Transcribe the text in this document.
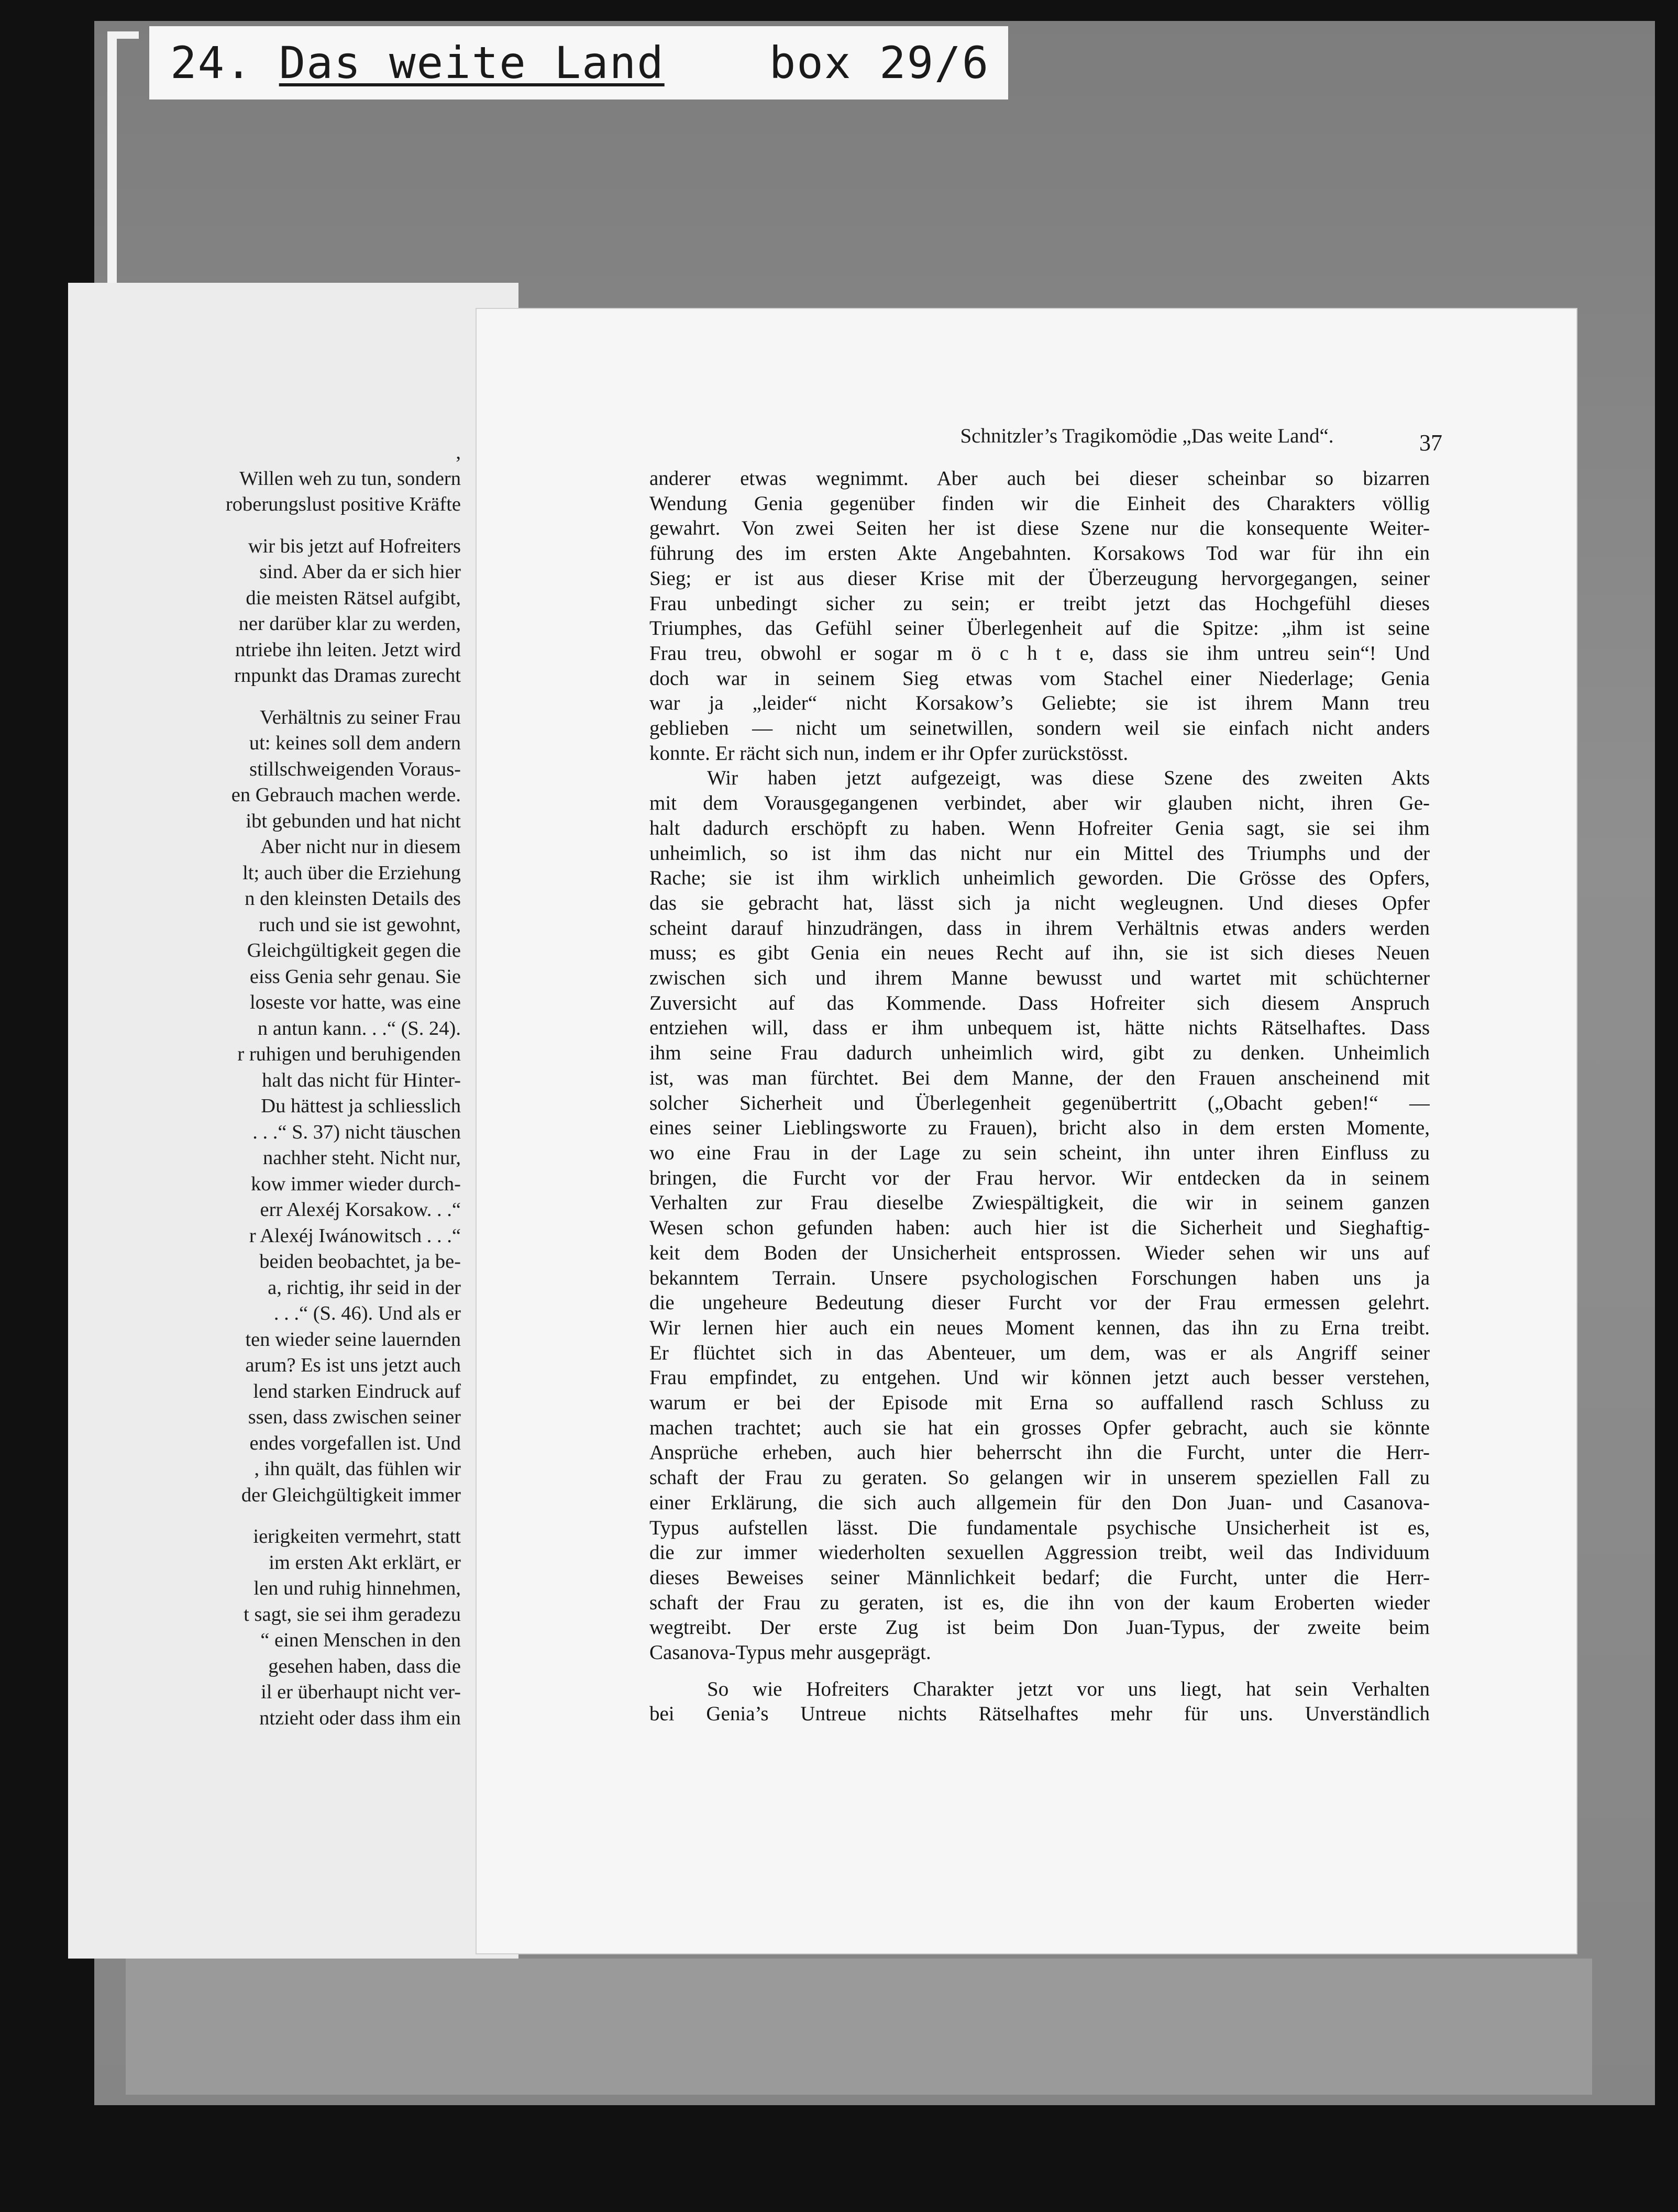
24. Das weite Land box 29/6
,
Willen weh zu tun, sondern
roberungslust positive Kräfte
wir bis jetzt auf Hofreiters
sind. Aber da er sich hier
die meisten Rätsel aufgibt,
ner darüber klar zu werden,
ntriebe ihn leiten. Jetzt wird
rnpunkt das Dramas zurecht
Verhältnis zu seiner Frau
ut: keines soll dem andern
stillschweigenden Voraus-
en Gebrauch machen werde.
ibt gebunden und hat nicht
Aber nicht nur in diesem
lt; auch über die Erziehung
n den kleinsten Details des
ruch und sie ist gewohnt,
Gleichgültigkeit gegen die
eiss Genia sehr genau. Sie
loseste vor hatte, was eine
n antun kann. . .“ (S. 24).
r ruhigen und beruhigenden
halt das nicht für Hinter-
Du hättest ja schliesslich
. . .“ S. 37) nicht täuschen
nachher steht. Nicht nur,
kow immer wieder durch-
err Alexéj Korsakow. . .“
r Alexéj Iwánowitsch . . .“
beiden beobachtet, ja be-
a, richtig, ihr seid in der
. . .“ (S. 46). Und als er
ten wieder seine lauernden
arum? Es ist uns jetzt auch
lend starken Eindruck auf
ssen, dass zwischen seiner
endes vorgefallen ist. Und
, ihn quält, das fühlen wir
der Gleichgültigkeit immer
ierigkeiten vermehrt, statt
im ersten Akt erklärt, er
len und ruhig hinnehmen,
t sagt, sie sei ihm geradezu
“ einen Menschen in den
gesehen haben, dass die
il er überhaupt nicht ver-
ntzieht oder dass ihm ein
Schnitzler’s Tragikomödie „Das weite Land“.	37
anderer etwas wegnimmt. Aber auch bei dieser scheinbar so bizarren
Wendung Genia gegenüber finden wir die Einheit des Charakters völlig
gewahrt. Von zwei Seiten her ist diese Szene nur die konsequente Weiter-
führung des im ersten Akte Angebahnten. Korsakows Tod war für ihn ein
Sieg; er ist aus dieser Krise mit der Überzeugung hervorgegangen, seiner
Frau unbedingt sicher zu sein; er treibt jetzt das Hochgefühl dieses
Triumphes, das Gefühl seiner Überlegenheit auf die Spitze: „ihm ist seine
Frau treu, obwohl er sogar m ö c h t e, dass sie ihm untreu sein“! Und
doch war in seinem Sieg etwas vom Stachel einer Niederlage; Genia
war ja „leider“ nicht Korsakow’s Geliebte; sie ist ihrem Mann treu
geblieben — nicht um seinetwillen, sondern weil sie einfach nicht anders
konnte. Er rächt sich nun, indem er ihr Opfer zurückstösst.
Wir haben jetzt aufgezeigt, was diese Szene des zweiten Akts
mit dem Vorausgegangenen verbindet, aber wir glauben nicht, ihren Ge-
halt dadurch erschöpft zu haben. Wenn Hofreiter Genia sagt, sie sei ihm
unheimlich, so ist ihm das nicht nur ein Mittel des Triumphs und der
Rache; sie ist ihm wirklich unheimlich geworden. Die Grösse des Opfers,
das sie gebracht hat, lässt sich ja nicht wegleugnen. Und dieses Opfer
scheint darauf hinzudrängen, dass in ihrem Verhältnis etwas anders werden
muss; es gibt Genia ein neues Recht auf ihn, sie ist sich dieses Neuen
zwischen sich und ihrem Manne bewusst und wartet mit schüchterner
Zuversicht auf das Kommende. Dass Hofreiter sich diesem Anspruch
entziehen will, dass er ihm unbequem ist, hätte nichts Rätselhaftes. Dass
ihm seine Frau dadurch unheimlich wird, gibt zu denken. Unheimlich
ist, was man fürchtet. Bei dem Manne, der den Frauen anscheinend mit
solcher Sicherheit und Überlegenheit gegenübertritt („Obacht geben!“ —
eines seiner Lieblingsworte zu Frauen), bricht also in dem ersten Momente,
wo eine Frau in der Lage zu sein scheint, ihn unter ihren Einfluss zu
bringen, die Furcht vor der Frau hervor. Wir entdecken da in seinem
Verhalten zur Frau dieselbe Zwiespältigkeit, die wir in seinem ganzen
Wesen schon gefunden haben: auch hier ist die Sicherheit und Sieghaftig-
keit dem Boden der Unsicherheit entsprossen. Wieder sehen wir uns auf
bekanntem Terrain. Unsere psychologischen Forschungen haben uns ja
die ungeheure Bedeutung dieser Furcht vor der Frau ermessen gelehrt.
Wir lernen hier auch ein neues Moment kennen, das ihn zu Erna treibt.
Er flüchtet sich in das Abenteuer, um dem, was er als Angriff seiner
Frau empfindet, zu entgehen. Und wir können jetzt auch besser verstehen,
warum er bei der Episode mit Erna so auffallend rasch Schluss zu
machen trachtet; auch sie hat ein grosses Opfer gebracht, auch sie könnte
Ansprüche erheben, auch hier beherrscht ihn die Furcht, unter die Herr-
schaft der Frau zu geraten. So gelangen wir in unserem speziellen Fall zu
einer Erklärung, die sich auch allgemein für den Don Juan- und Casanova-
Typus aufstellen lässt. Die fundamentale psychische Unsicherheit ist es,
die zur immer wiederholten sexuellen Aggression treibt, weil das Individuum
dieses Beweises seiner Männlichkeit bedarf; die Furcht, unter die Herr-
schaft der Frau zu geraten, ist es, die ihn von der kaum Eroberten wieder
wegtreibt. Der erste Zug ist beim Don Juan-Typus, der zweite beim
Casanova-Typus mehr ausgeprägt.
So wie Hofreiters Charakter jetzt vor uns liegt, hat sein Verhalten
bei Genia’s Untreue nichts Rätselhaftes mehr für uns. Unverständlich
